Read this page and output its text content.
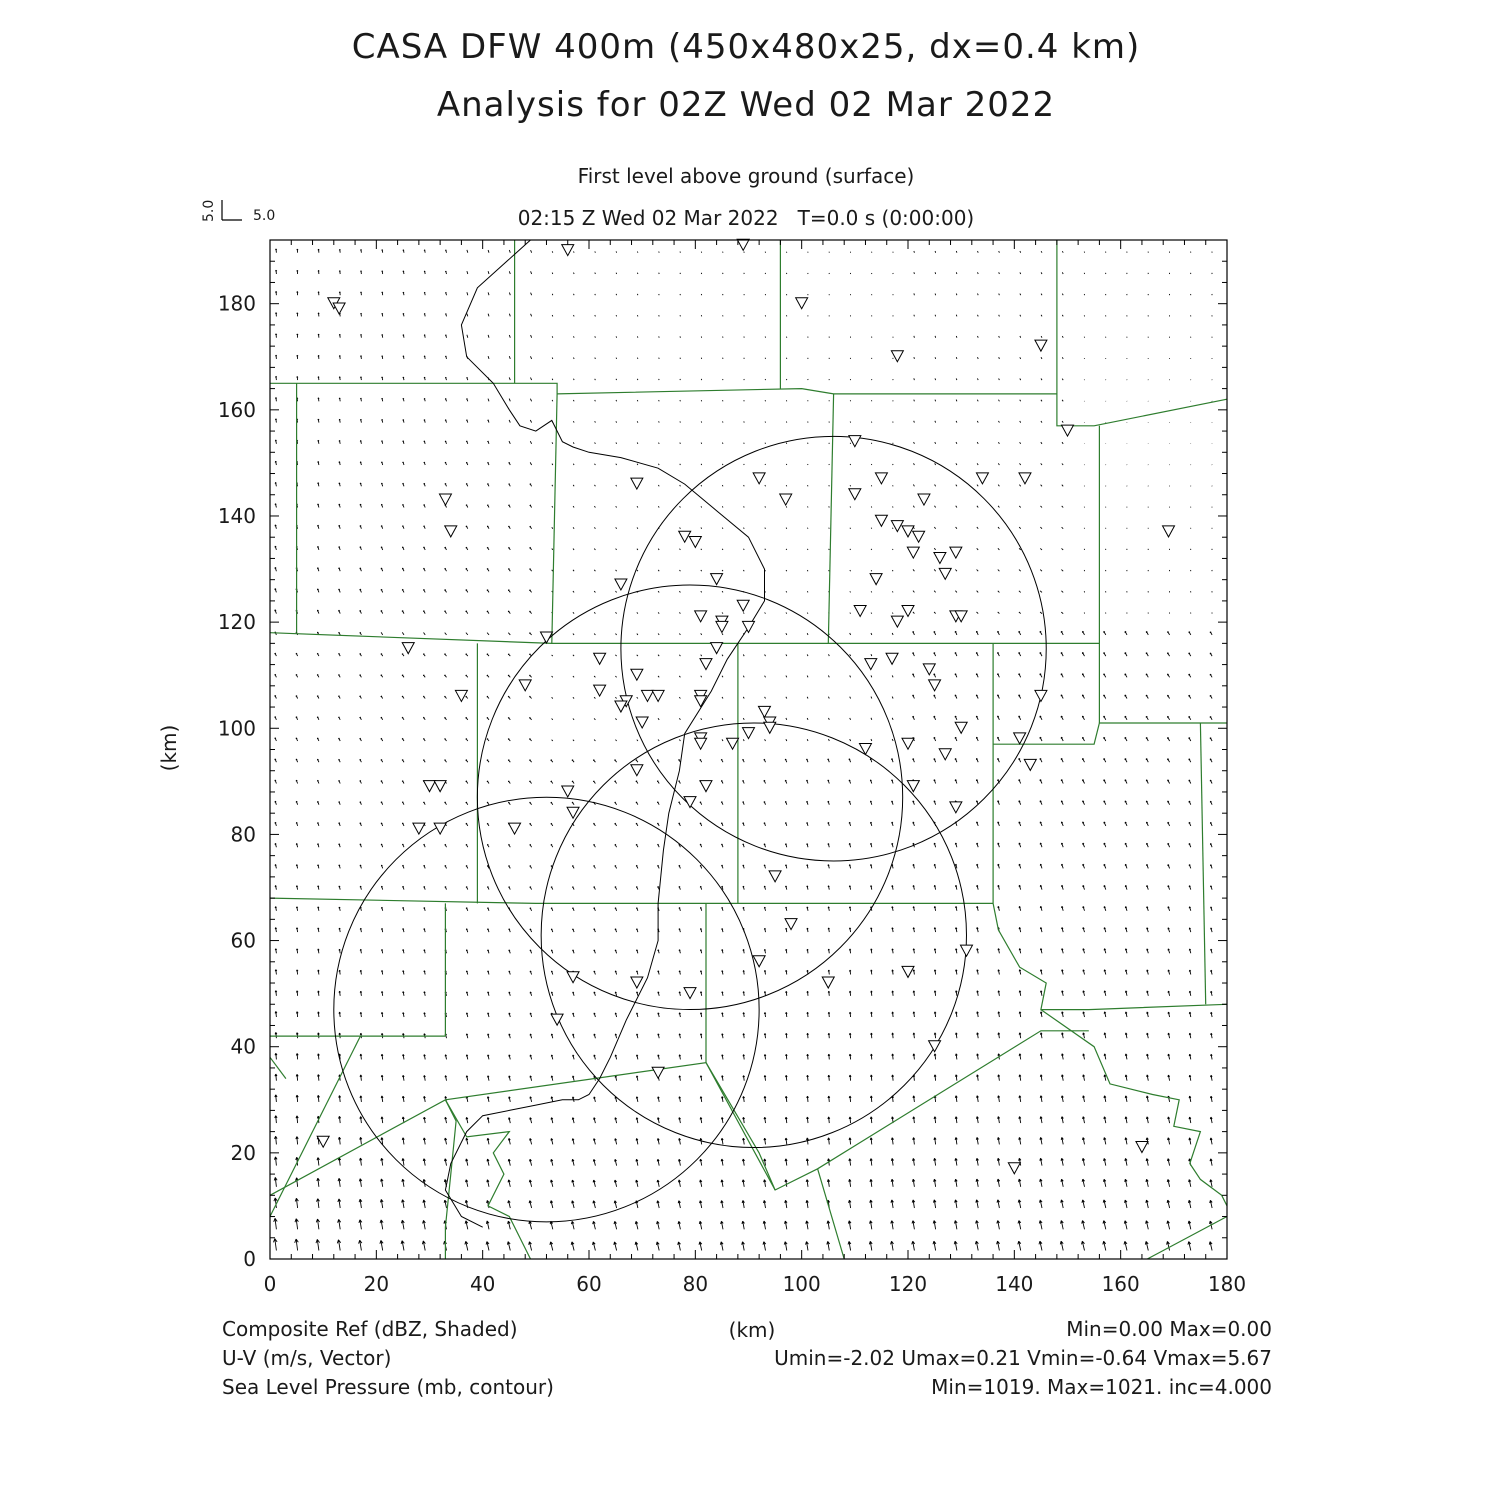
CASA DFW 400m (450x480x25, dx=0.4 km)
Analysis for 02Z Wed 02 Mar 2022
First level above ground (surface)
02:15 Z Wed 02 Mar 2022   T=0.0 s (0:00:00)
5.0	5.0
0	20	40	60	80	100	120	140	160	180
0
20
40
60
80
100
120
140
160
180
(km)
(km)
Composite Ref (dBZ, Shaded)	Min=0.00 Max=0.00
U-V (m/s, Vector)	Umin=-2.02 Umax=0.21 Vmin=-0.64 Vmax=5.67
Sea Level Pressure (mb, contour)	Min=1019. Max=1021. inc=4.000
